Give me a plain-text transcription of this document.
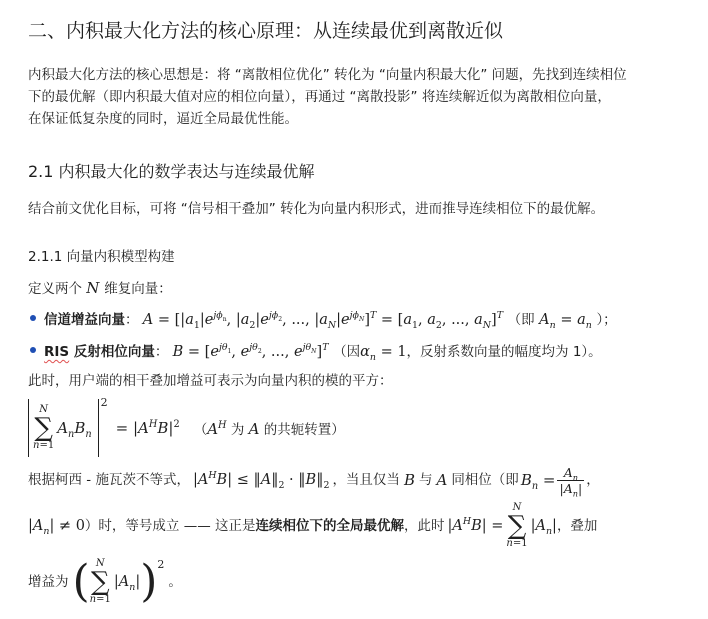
二、内积最大化方法的核心原理：从连续最优到离散近似
内积最大化方法的核心思想是：将 “离散相位优化” 转化为 “向量内积最大化” 问题，先找到连续相位
下的最优解（即内积最大值对应的相位向量），再通过 “离散投影” 将连续解近似为离散相位向量，
在保证低复杂度的同时，逼近全局最优性能。
2.1 内积最大化的数学表达与连续最优解
结合前文优化目标，可将 “信号相干叠加” 转化为向量内积形式，进而推导连续相位下的最优解。
2.1.1 向量内积模型构建
定义两个 N 维复向量：
信道增益向量： $A = [|a_1|e^{j\phi_n}$, $|a_2|e^{j\phi_2}$, ..., $|a_N|e^{j\phi_N}]^T = [a_1$, $a_2$, ..., $a_N]^T$ （即 $A_n = a_n$ ）；
RIS 反射相位向量： $B = [e^{j\theta_1}$, $e^{j\theta_2}$, ..., $e^{j\theta_N}]^T$ （因$\alpha_n = 1$，反射系数向量的幅度均为 1）。
此时，用户端的相干叠加增益可表示为向量内积的模的平方：
N
∑
n=1
$A_nB_n$
2
= $|A^HB|^2$ （$A^H$ 为 A 的共轭转置）
根据柯西 - 施瓦茨不等式， $|A^HB|$ ≤ $‖A‖_2$ · $‖B‖_2$ ，当且仅当 B 与 A 同相位（即 $B_n = \frac{A_n}{|A_n|}$ ，
$|A_n| \ne 0$ ）时，等号成立 —— 这正是 连续相位下的全局最优解 ，此时 $|A^HB|$ =
N
∑
n=1
$|A_n|$ ，叠加
增益为 ( N
∑
n=1
$|A_n|$ ) 2
。
